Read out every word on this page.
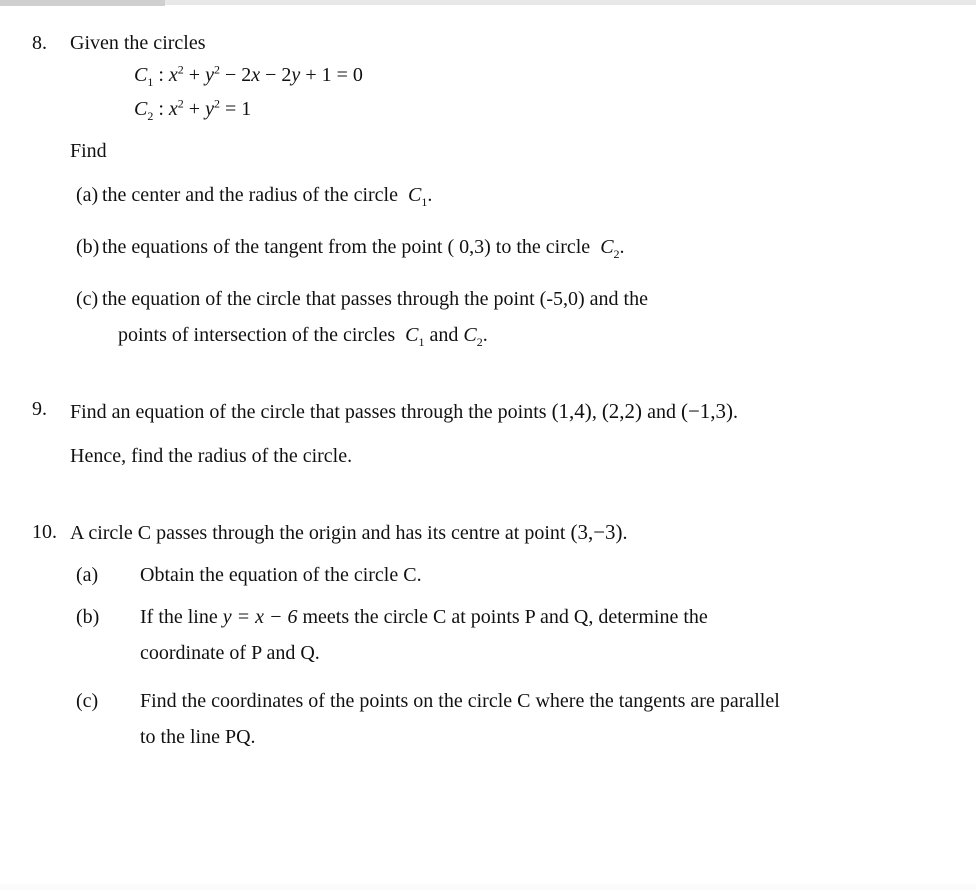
8.	Given the circles
$C_1$ : $x^2 + y^2 - 2x - 2y + 1 = 0$
$C_2$ : $x^2 + y^2 = 1$
Find
(a) the center and the radius of the circle $C_1$.
(b) the equations of the tangent from the point ( 0,3) to the circle $C_2$.
(c) the equation of the circle that passes through the point (-5,0) and the
points of intersection of the circles $C_1$ and $C_2$.
9.	Find an equation of the circle that passes through the points (1,4), (2,2) and (−1,3).
Hence, find the radius of the circle.
10. A circle C passes through the origin and has its centre at point (3,−3).
(a)	Obtain the equation of the circle C.
(b)	If the line y = x − 6 meets the circle C at points P and Q, determine the
coordinate of P and Q.
(c)	Find the coordinates of the points on the circle C where the tangents are parallel
to the line PQ.
